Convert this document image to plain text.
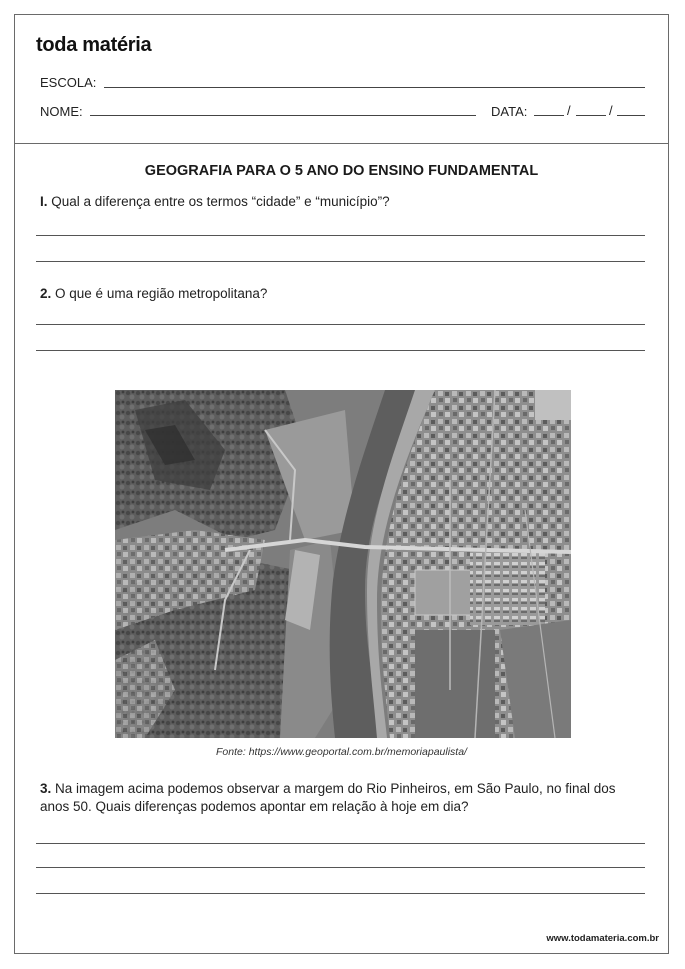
toda matéria
ESCOLA:
NOME:	DATA:	/	/
GEOGRAFIA PARA O 5 ANO DO ENSINO FUNDAMENTAL
I. Qual a diferença entre os termos “cidade” e “município”?
2. O que é uma região metropolitana?
Fonte: https://www.geoportal.com.br/memoriapaulista/
3. Na imagem acima podemos observar a margem do Rio Pinheiros, em São Paulo, no final dos
anos 50. Quais diferenças podemos apontar em relação à hoje em dia?
www.todamateria.com.br
